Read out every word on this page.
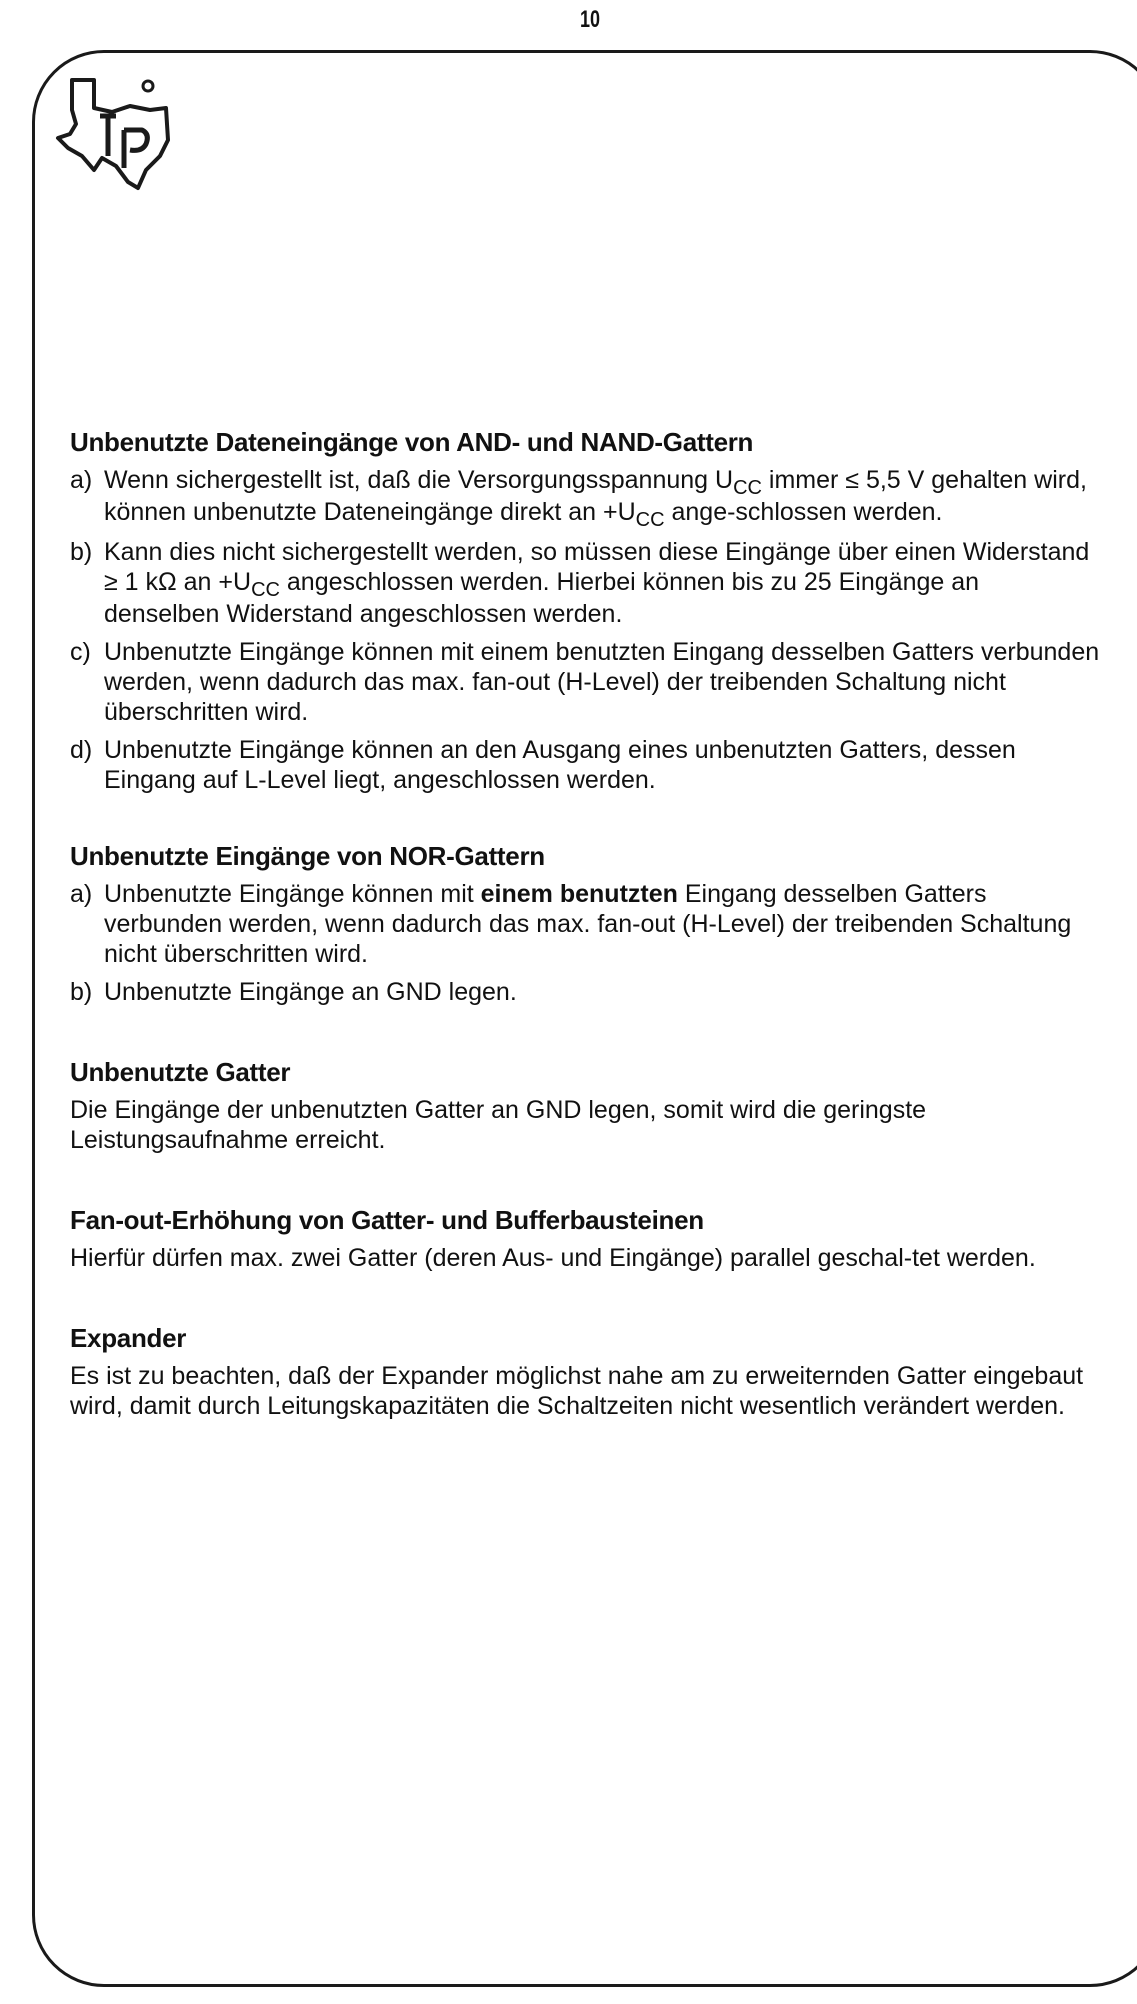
10
Unbenutzte Dateneingänge von AND- und NAND-Gattern
a) Wenn sichergestellt ist, daß die Versorgungsspannung $U_{CC}$ immer ≤ 5,5 V gehalten wird, können unbenutzte Dateneingänge direkt an $+U_{CC}$ ange-schlossen werden.
b) Kann dies nicht sichergestellt werden, so müssen diese Eingänge über einen Widerstand ≥ 1 kΩ an $+U_{CC}$ angeschlossen werden. Hierbei können bis zu 25 Eingänge an denselben Widerstand angeschlossen werden.
c) Unbenutzte Eingänge können mit einem benutzten Eingang desselben Gatters verbunden werden, wenn dadurch das max. fan-out (H-Level) der treibenden Schaltung nicht überschritten wird.
d) Unbenutzte Eingänge können an den Ausgang eines unbenutzten Gatters, dessen Eingang auf L-Level liegt, angeschlossen werden.
Unbenutzte Eingänge von NOR-Gattern
a) Unbenutzte Eingänge können mit einem benutzten Eingang desselben Gatters verbunden werden, wenn dadurch das max. fan-out (H-Level) der treibenden Schaltung nicht überschritten wird.
b) Unbenutzte Eingänge an GND legen.
Unbenutzte Gatter

Die Eingänge der unbenutzten Gatter an GND legen, somit wird die geringste Leistungsaufnahme erreicht.

Fan-out-Erhöhung von Gatter- und Bufferbausteinen

Hierfür dürfen max. zwei Gatter (deren Aus- und Eingänge) parallel geschal-tet werden.

Expander

Es ist zu beachten, daß der Expander möglichst nahe am zu erweiternden Gatter eingebaut wird, damit durch Leitungskapazitäten die Schaltzeiten nicht wesentlich verändert werden.
